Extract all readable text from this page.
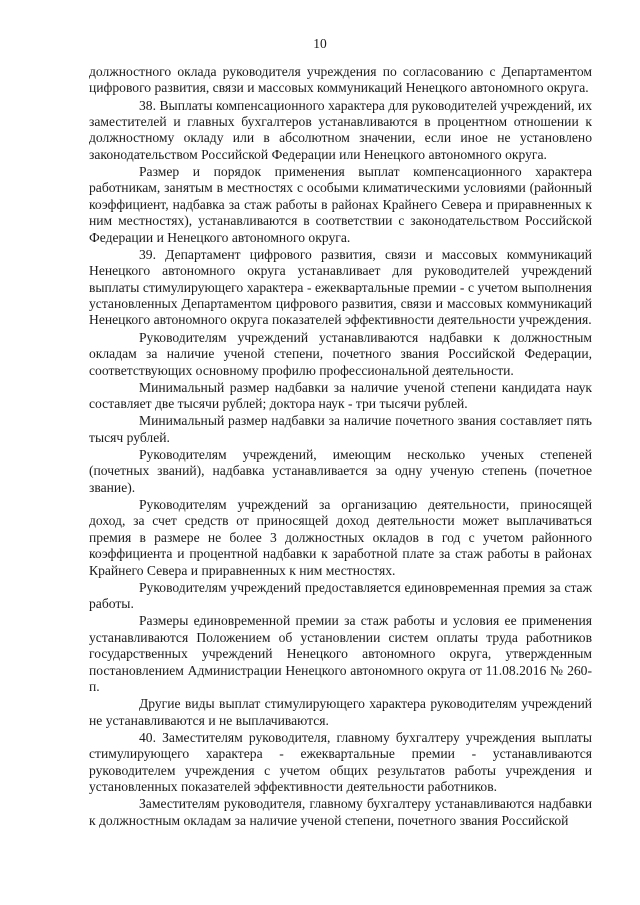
10

должностного оклада руководителя учреждения по согласованию с Департаментом цифрового развития, связи и массовых коммуникаций Ненецкого автономного округа.

38. Выплаты компенсационного характера для руководителей учреждений, их заместителей и главных бухгалтеров устанавливаются в процентном отношении к должностному окладу или в абсолютном значении, если иное не установлено законодательством Российской Федерации или Ненецкого автономного округа.

Размер и порядок применения выплат компенсационного характера работникам, занятым в местностях с особыми климатическими условиями (районный коэффициент, надбавка за стаж работы в районах Крайнего Севера и приравненных к ним местностях), устанавливаются в соответствии с законодательством Российской Федерации и Ненецкого автономного округа.

39. Департамент цифрового развития, связи и массовых коммуникаций Ненецкого автономного округа устанавливает для руководителей учреждений выплаты стимулирующего характера - ежеквартальные премии - с учетом выполнения установленных Департаментом цифрового развития, связи и массовых коммуникаций Ненецкого автономного округа показателей эффективности деятельности учреждения.

Руководителям учреждений устанавливаются надбавки к должностным окладам за наличие ученой степени, почетного звания Российской Федерации, соответствующих основному профилю профессиональной деятельности.

Минимальный размер надбавки за наличие ученой степени кандидата наук составляет две тысячи рублей; доктора наук - три тысячи рублей.

Минимальный размер надбавки за наличие почетного звания составляет пять тысяч рублей.

Руководителям учреждений, имеющим несколько ученых степеней (почетных званий), надбавка устанавливается за одну ученую степень (почетное звание).

Руководителям учреждений за организацию деятельности, приносящей доход, за счет средств от приносящей доход деятельности может выплачиваться премия в размере не более 3 должностных окладов в год с учетом районного коэффициента и процентной надбавки к заработной плате за стаж работы в районах Крайнего Севера и приравненных к ним местностях.

Руководителям учреждений предоставляется единовременная премия за стаж работы.

Размеры единовременной премии за стаж работы и условия ее применения устанавливаются Положением об установлении систем оплаты труда работников государственных учреждений Ненецкого автономного округа, утвержденным постановлением Администрации Ненецкого автономного округа от 11.08.2016 № 260-п.

Другие виды выплат стимулирующего характера руководителям учреждений не устанавливаются и не выплачиваются.

40. Заместителям руководителя, главному бухгалтеру учреждения выплаты стимулирующего характера - ежеквартальные премии - устанавливаются руководителем учреждения с учетом общих результатов работы учреждения и установленных показателей эффективности деятельности работников.

Заместителям руководителя, главному бухгалтеру устанавливаются надбавки к должностным окладам за наличие ученой степени, почетного звания Российской
